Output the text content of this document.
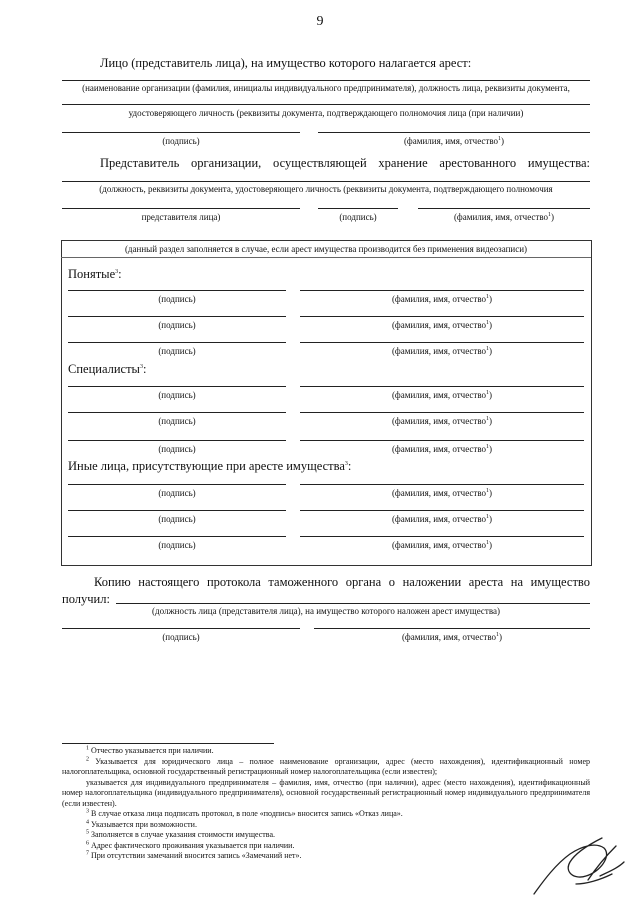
9
Лицо (представитель лица), на имущество которого налагается арест:
(наименование организации (фамилия, инициалы индивидуального предпринимателя), должность лица, реквизиты документа,
удостоверяющего личность (реквизиты документа, подтверждающего полномочия лица (при наличии)
(подпись)	(фамилия, имя, отчество$^1$)
Представитель организации, осуществляющей хранение арестованного имущества:
(должность, реквизиты документа, удостоверяющего личность (реквизиты документа, подтверждающего полномочия
представителя лица)	(подпись)	(фамилия, имя, отчество$^1$)
(данный раздел заполняется в случае, если арест имущества производится без применения видеозаписи)
Понятые$^3$:
(подпись)	(фамилия, имя, отчество$^1$)
(подпись)	(фамилия, имя, отчество$^1$)
(подпись)	(фамилия, имя, отчество$^1$)
Специалисты$^3$:
(подпись)	(фамилия, имя, отчество$^1$)
(подпись)	(фамилия, имя, отчество$^1$)
(подпись)	(фамилия, имя, отчество$^1$)
Иные лица, присутствующие при аресте имущества$^3$:
(подпись)	(фамилия, имя, отчество$^1$)
(подпись)	(фамилия, имя, отчество$^1$)
(подпись)	(фамилия, имя, отчество$^1$)
Копию настоящего протокола таможенного органа о наложении ареста на имущество
получил:
(должность лица (представителя лица), на имущество которого наложен арест имущества)
(подпись)	(фамилия, имя, отчество$^1$)

$^1$ Отчество указывается при наличии.

$^2$ Указывается для юридического лица – полное наименование организации, адрес (место нахождения), идентификационный номер налогоплательщика, основной государственный регистрационный номер налогоплательщика (если известен);

указывается для индивидуального предпринимателя – фамилия, имя, отчество (при наличии), адрес (место нахождения), идентификационный номер налогоплательщика (индивидуального предпринимателя), основной государственный регистрационный номер индивидуального предпринимателя (если известен).

$^3$ В случае отказа лица подписать протокол, в поле «подпись» вносится запись «Отказ лица».

$^4$ Указывается при возможности.

$^5$ Заполняется в случае указания стоимости имущества.

$^6$ Адрес фактического проживания указывается при наличии.

$^7$ При отсутствии замечаний вносится запись «Замечаний нет».
